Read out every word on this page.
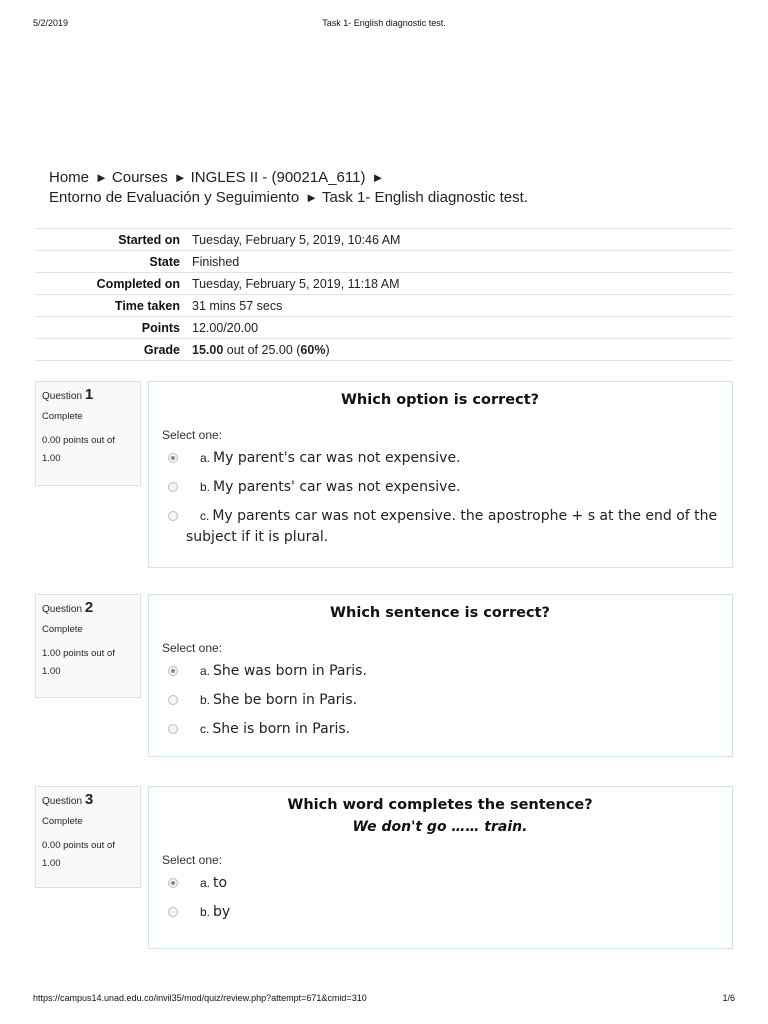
5/2/2019	Task 1- English diagnostic test.
Home ► Courses ► INGLES II - (90021A_611) ►
Entorno de Evaluación y Seguimiento ► Task 1- English diagnostic test.
Started on	Tuesday, February 5, 2019, 10:46 AM
State	Finished
Completed on	Tuesday, February 5, 2019, 11:18 AM
Time taken	31 mins 57 secs
Points	12.00/20.00
Grade	15.00 out of 25.00 (60%)
Question 1
Complete
0.00 points out of 1.00
Which option is correct?
Select one:
a. My parent's car was not expensive.
b. My parents' car was not expensive.
c. My parents car was not expensive. the apostrophe + s at the end of the subject if it is plural.
Question 2
Complete
1.00 points out of 1.00
Which sentence is correct?
Select one:
a. She was born in Paris.
b. She be born in Paris.
c. She is born in Paris.
Question 3
Complete
0.00 points out of 1.00
Which word completes the sentence?
We don't go …… train.
Select one:
a. to
b. by
https://campus14.unad.edu.co/invil35/mod/quiz/review.php?attempt=671&cmid=310	1/6
